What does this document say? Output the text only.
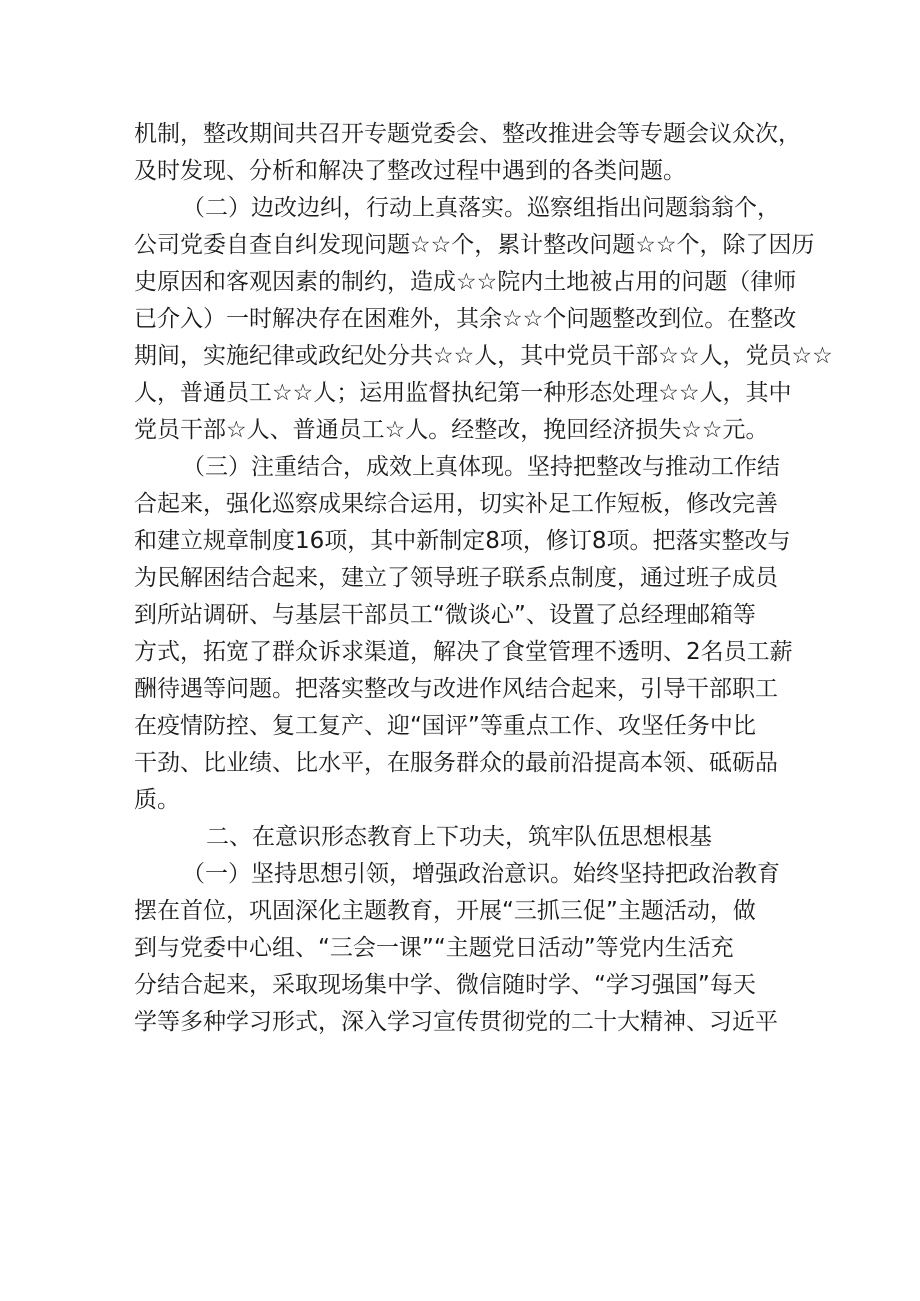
机制，整改期间共召开专题党委会、整改推进会等专题会议众次，
及时发现、分析和解决了整改过程中遇到的各类问题。
（二）边改边纠，行动上真落实。巡察组指出问题翁翁个，
公司党委自查自纠发现问题☆☆个，累计整改问题☆☆个，除了因历
史原因和客观因素的制约，造成☆☆院内土地被占用的问题（律师
已介入）一时解决存在困难外，其余☆☆个问题整改到位。在整改
期间，实施纪律或政纪处分共☆☆人，其中党员干部☆☆人，党员☆☆
人，普通员工☆☆人；运用监督执纪第一种形态处理☆☆人，其中
党员干部☆人、普通员工☆人。经整改，挽回经济损失☆☆元。
（三）注重结合，成效上真体现。坚持把整改与推动工作结
合起来，强化巡察成果综合运用，切实补足工作短板，修改完善
和建立规章制度16项，其中新制定8项，修订8项。把落实整改与
为民解困结合起来，建立了领导班子联系点制度，通过班子成员
到所站调研、与基层干部员工“微谈心”、设置了总经理邮箱等
方式，拓宽了群众诉求渠道，解决了食堂管理不透明、2名员工薪
酬待遇等问题。把落实整改与改进作风结合起来，引导干部职工
在疫情防控、复工复产、迎“国评”等重点工作、攻坚任务中比
干劲、比业绩、比水平，在服务群众的最前沿提高本领、砥砺品
质。
二、在意识形态教育上下功夫，筑牢队伍思想根基
（一）坚持思想引领，增强政治意识。始终坚持把政治教育
摆在首位，巩固深化主题教育，开展“三抓三促”主题活动，做
到与党委中心组、“三会一课”“主题党日活动”等党内生活充
分结合起来，采取现场集中学、微信随时学、“学习强国”每天
学等多种学习形式，深入学习宣传贯彻党的二十大精神、习近平
